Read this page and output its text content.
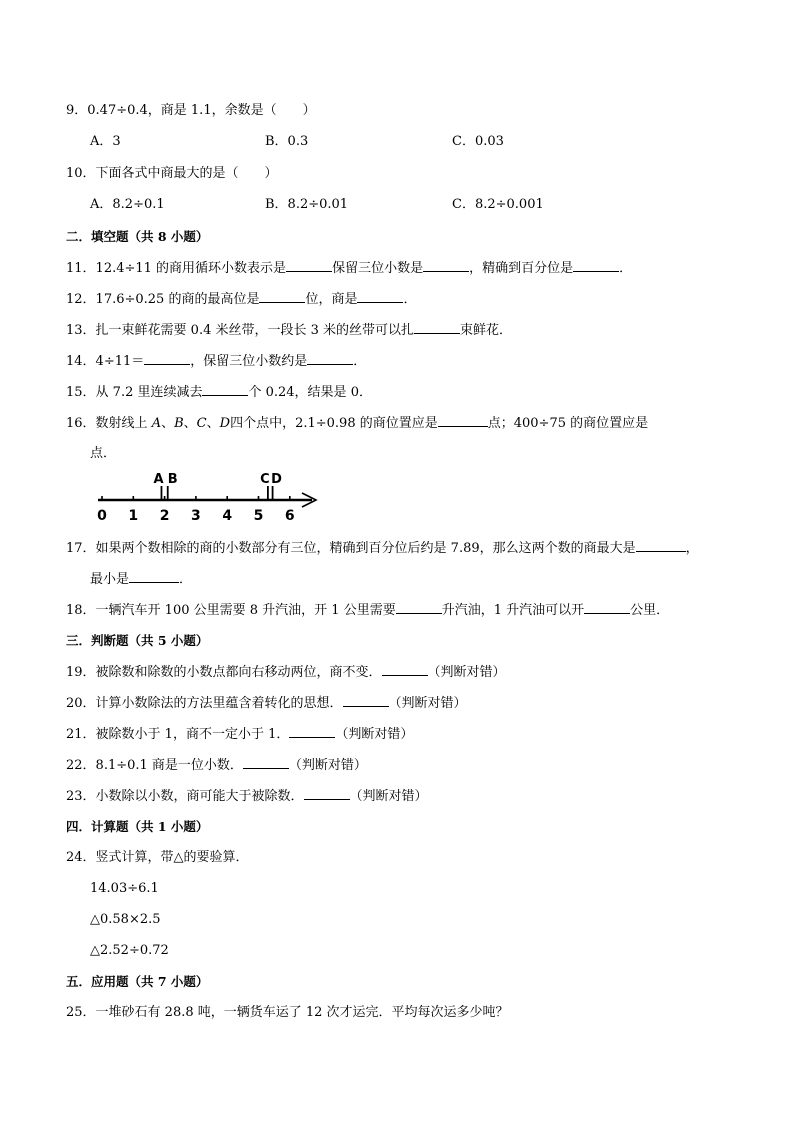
9．0.47÷0.4，商是 1.1，余数是（　　）
A．3	B．0.3	C．0.03
10．下面各式中商最大的是（　　）
A．8.2÷0.1	B．8.2÷0.01	C．8.2÷0.001
二．填空题（共 8 小题）
11．12.4÷11 的商用循环小数表示是	保留三位小数是	，精确到百分位是	．
12．17.6÷0.25 的商的最高位是	位，商是	．
13．扎一束鲜花需要 0.4 米丝带，一段长 3 米的丝带可以扎	束鲜花．
14．4÷11＝	，保留三位小数约是	．
15．从 7.2 里连续减去	个 0.24，结果是 0．
16．数射线上 A、B、C、D四个点中，2.1÷0.98 的商位置应是	点；400÷75 的商位置应是
点．
0 1 2 3 4 5 6
A B	C D
17．如果两个数相除的商的小数部分有三位，精确到百分位后约是 7.89，那么这两个数的商最大是	，
最小是	．
18．一辆汽车开 100 公里需要 8 升汽油，开 1 公里需要	升汽油，1 升汽油可以开	公里．
三．判断题（共 5 小题）
19．被除数和除数的小数点都向右移动两位，商不变．	（判断对错）
20．计算小数除法的方法里蕴含着转化的思想．	（判断对错）
21．被除数小于 1，商不一定小于 1．	（判断对错）
22．8.1÷0.1 商是一位小数．	（判断对错）
23．小数除以小数，商可能大于被除数．	（判断对错）
四．计算题（共 1 小题）
24．竖式计算，带△的要验算．
14.03÷6.1
△0.58×2.5
△2.52÷0.72
五．应用题（共 7 小题）
25．一堆砂石有 28.8 吨，一辆货车运了 12 次才运完．平均每次运多少吨？
